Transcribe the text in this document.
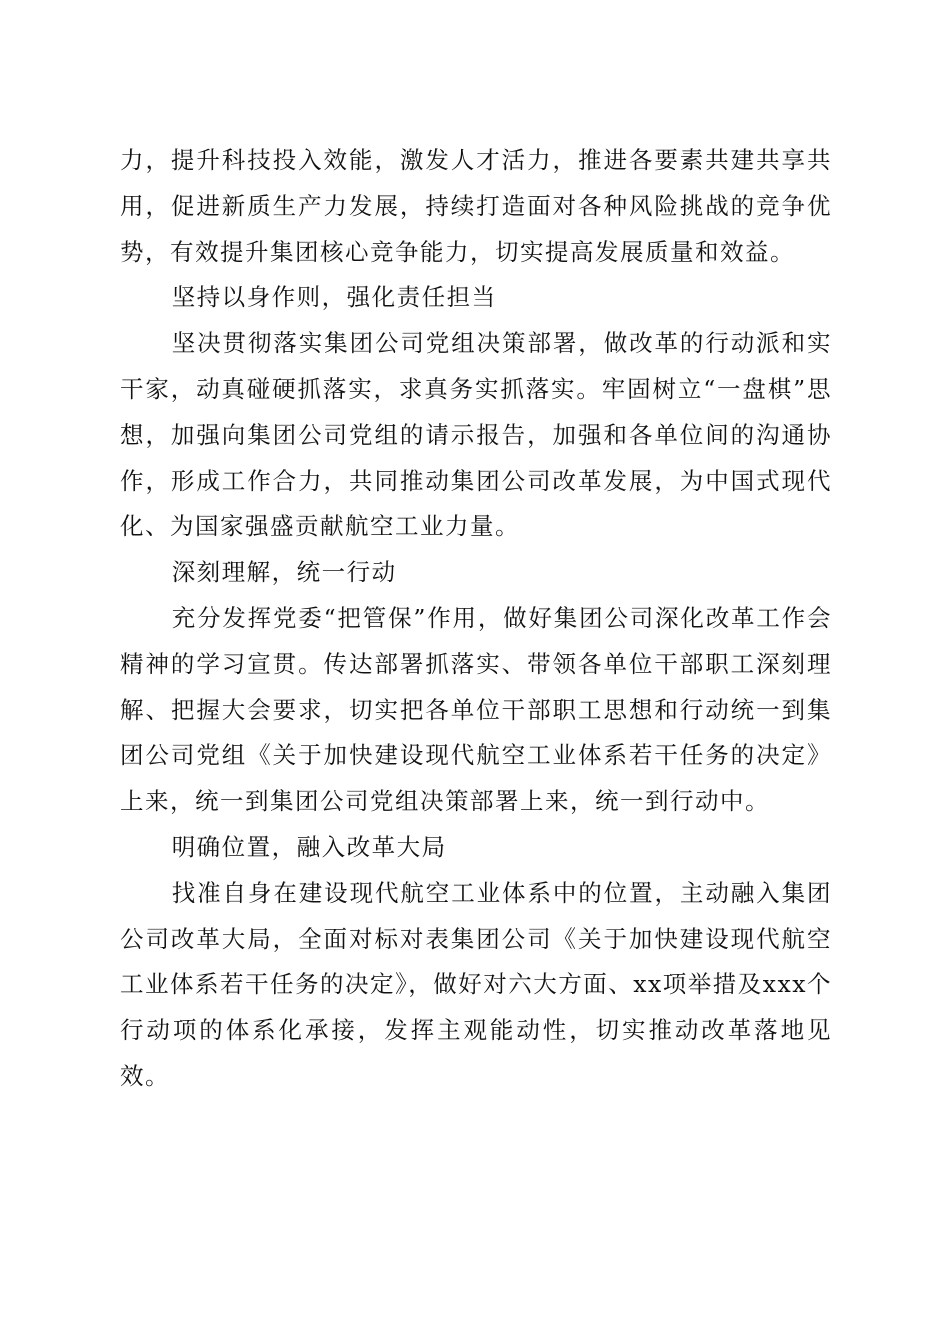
力，提升科技投入效能，激发人才活力，推进各要素共建共享共用，促进新质生产力发展，持续打造面对各种风险挑战的竞争优势，有效提升集团核心竞争能力，切实提高发展质量和效益。

坚持以身作则，强化责任担当

坚决贯彻落实集团公司党组决策部署，做改革的行动派和实干家，动真碰硬抓落实，求真务实抓落实。牢固树立“一盘棋”思想，加强向集团公司党组的请示报告，加强和各单位间的沟通协作，形成工作合力，共同推动集团公司改革发展，为中国式现代化、为国家强盛贡献航空工业力量。

深刻理解，统一行动

充分发挥党委“把管保”作用，做好集团公司深化改革工作会精神的学习宣贯。传达部署抓落实、带领各单位干部职工深刻理解、把握大会要求，切实把各单位干部职工思想和行动统一到集团公司党组《关于加快建设现代航空工业体系若干任务的决定》上来，统一到集团公司党组决策部署上来，统一到行动中。

明确位置，融入改革大局

找准自身在建设现代航空工业体系中的位置，主动融入集团公司改革大局，全面对标对表集团公司《关于加快建设现代航空工业体系若干任务的决定》，做好对六大方面、xx项举措及xxx个行动项的体系化承接，发挥主观能动性，切实推动改革落地见效。
